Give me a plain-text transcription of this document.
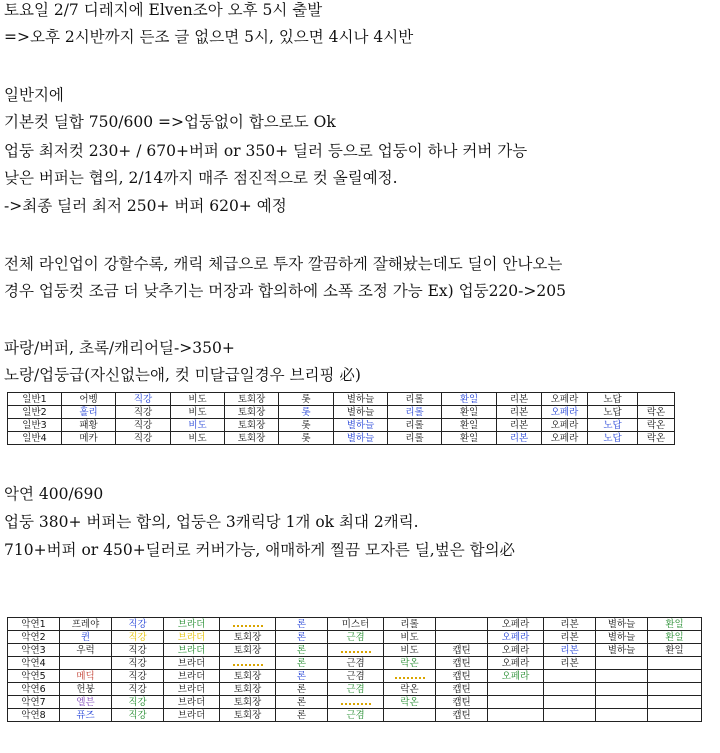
토요일 2/7 디레지에 Elven조아 오후 5시 출발
=>오후 2시반까지 든조 글 없으면 5시, 있으면 4시나 4시반
일반지에
기본컷 딜합 750/600 =>업둥없이 합으로도 Ok
업둥 최저컷 230+ / 670+버퍼 or 350+ 딜러 등으로 업둥이 하나 커버 가능
낮은 버퍼는 협의, 2/14까지 매주 점진적으로 컷 올릴예정.
->최종 딜러 최저 250+ 버퍼 620+ 예정
전체 라인업이 강할수록, 캐릭 체급으로 투자 깔끔하게 잘해놨는데도 딜이 안나오는
경우 업둥컷 조금 더 낮추기는 머장과 합의하에 소폭 조정 가능 Ex) 업둥220->205
파랑/버퍼, 초록/캐리어딜->350+
노랑/업둥급(자신없는애, 컷 미달급일경우 브리핑 必)
악연 400/690
업둥 380+ 버퍼는 합의, 업둥은 3캐릭당 1개 ok 최대 2캐릭.
710+버퍼 or 450+딜러로 커버가능, 애매하게 찔끔 모자른 딜,벞은 합의必
일반1	어벵	직강	비도	토회장	롯	별하늘	리롤	환일	리본	오페라	노답	
일반2	홀리	직강	비도	토회장	롯	별하늘	리롤	환일	리본	오페라	노답	락온
일반3	패황	직강	비도	토회장	롯	별하늘	리롤	환일	리본	오페라	노답	락온
일반4	메카	직강	비도	토회장	롯	별하늘	리롤	환일	리본	오페라	노답	락온
악연1	프레야	직강	브라더		론	미스터	리롤		오페라	리본	별하늘	환일
악연2	퀸	직강	브라더	토회장	론	근겸	비도		오페라	리본	별하늘	환일
악연3	우럭	직강	브라더	토회장	론		비도	캡틴	오페라	리본	별하늘	환일
악연4		직강	브라더		론	근겸	락온	캡틴	오페라	리본		
악연5	메딕	직강	브라더	토회장	론	근겸		캡틴	오페라			
악연6	헌붕	직강	브라더	토회장	론	근겸	락온	캡틴				
악연7	엘븐	직강	브라더	토회장	론		락온	캡틴				
악연8	퓨즈	직강	브라더	토회장	론	근겸		캡틴				
